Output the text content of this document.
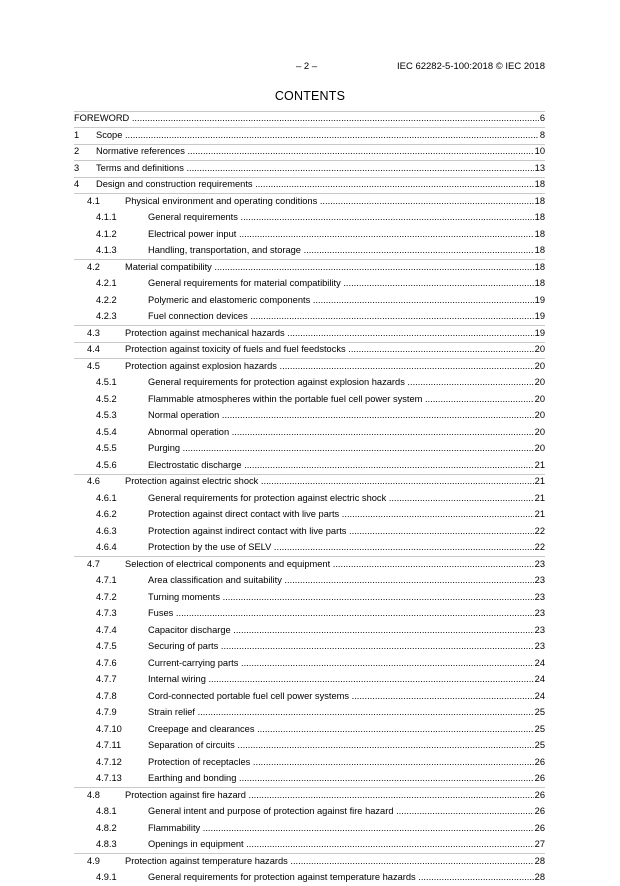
– 2 –	IEC 62282-5-100:2018 © IEC 2018
CONTENTS
FOREWORD .....	6
1 Scope .....	8
2 Normative references .....	10
3 Terms and definitions .....	13
4 Design and construction requirements .....	18
4.1	Physical environment and operating conditions .....	18
4.1.1	General requirements .....	18
4.1.2	Electrical power input .....	18
4.1.3	Handling, transportation, and storage .....	18
4.2	Material compatibility .....	18
4.2.1	General requirements for material compatibility .....	18
4.2.2	Polymeric and elastomeric components .....	19
4.2.3	Fuel connection devices .....	19
4.3	Protection against mechanical hazards .....	19
4.4	Protection against toxicity of fuels and fuel feedstocks .....	20
4.5	Protection against explosion hazards .....	20
4.5.1	General requirements for protection against explosion hazards .....	20
4.5.2	Flammable atmospheres within the portable fuel cell power system .....	20
4.5.3	Normal operation .....	20
4.5.4	Abnormal operation .....	20
4.5.5	Purging .....	20
4.5.6	Electrostatic discharge .....	21
4.6	Protection against electric shock .....	21
4.6.1	General requirements for protection against electric shock .....	21
4.6.2	Protection against direct contact with live parts .....	21
4.6.3	Protection against indirect contact with live parts .....	22
4.6.4	Protection by the use of SELV .....	22
4.7	Selection of electrical components and equipment .....	23
4.7.1	Area classification and suitability .....	23
4.7.2	Turning moments .....	23
4.7.3	Fuses .....	23
4.7.4	Capacitor discharge .....	23
4.7.5	Securing of parts .....	23
4.7.6	Current-carrying parts .....	24
4.7.7	Internal wiring .....	24
4.7.8	Cord-connected portable fuel cell power systems .....	24
4.7.9	Strain relief .....	25
4.7.10	Creepage and clearances .....	25
4.7.11	Separation of circuits .....	25
4.7.12	Protection of receptacles .....	26
4.7.13	Earthing and bonding .....	26
4.8	Protection against fire hazard .....	26
4.8.1	General intent and purpose of protection against fire hazard .....	26
4.8.2	Flammability .....	26
4.8.3	Openings in equipment .....	27
4.9	Protection against temperature hazards .....	28
4.9.1	General requirements for protection against temperature hazards .....	28
